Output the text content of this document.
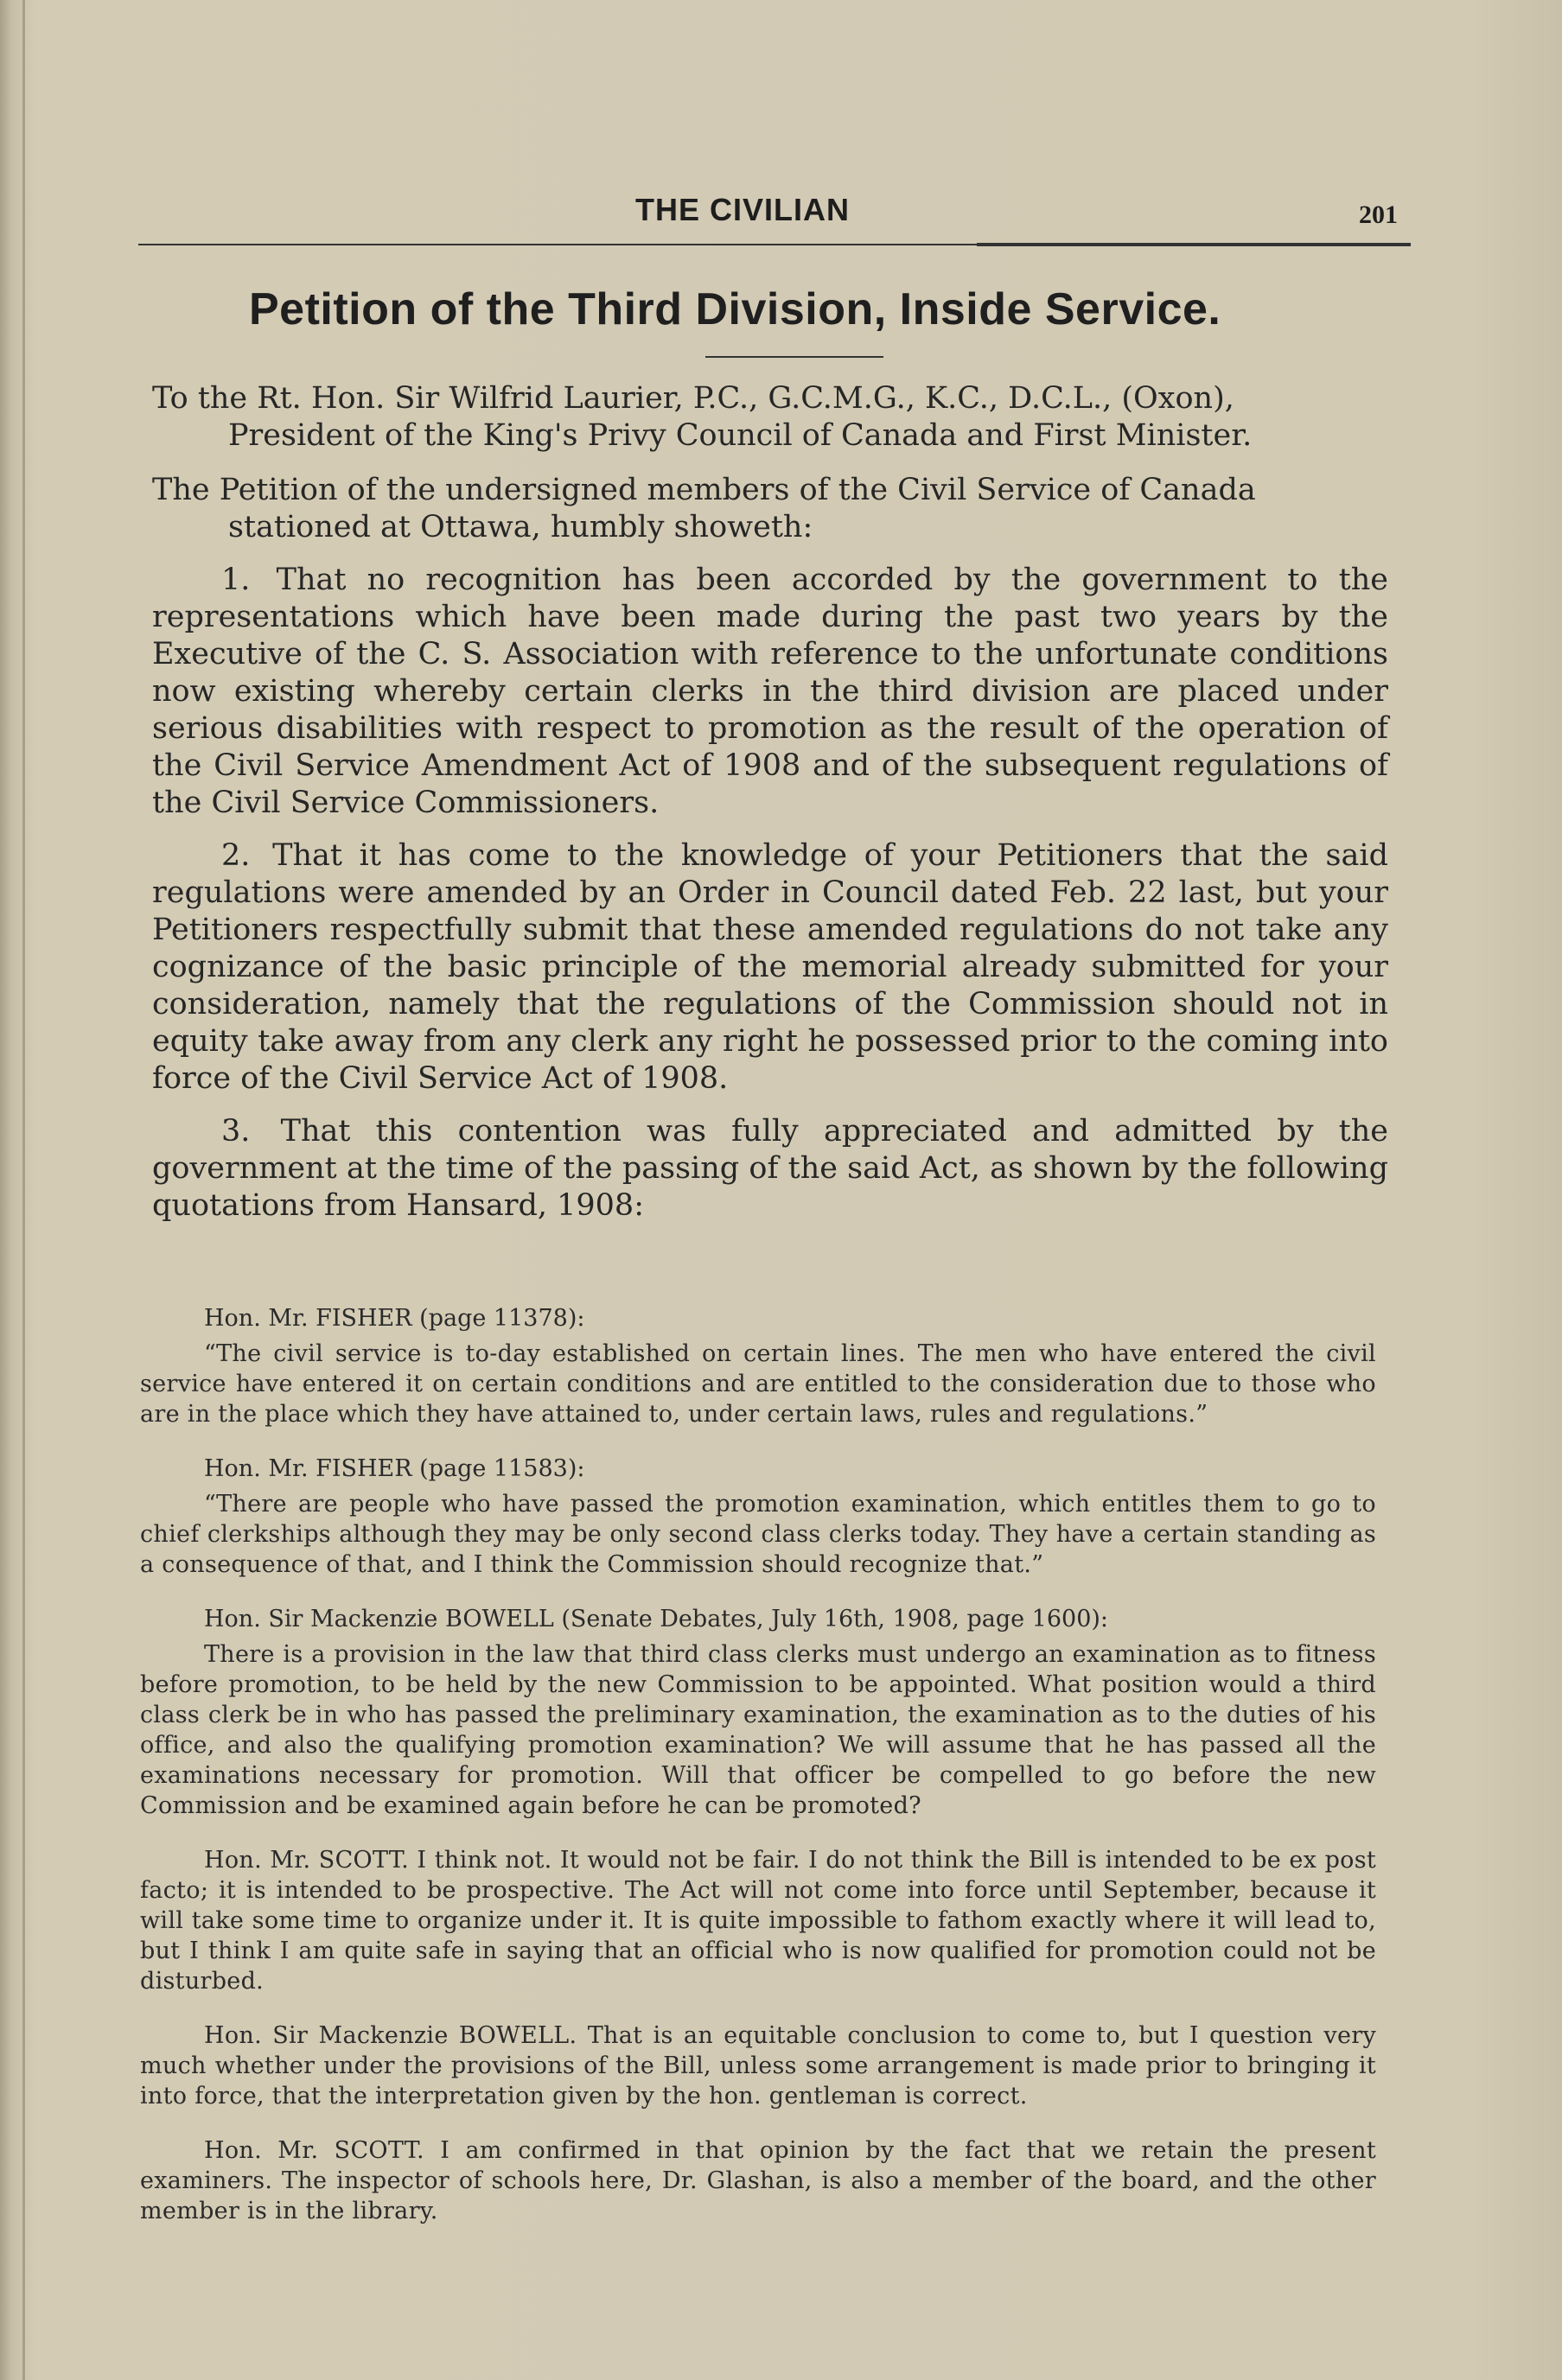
THE CIVILIAN	201
Petition of the Third Division, Inside Service.

To the Rt. Hon. Sir Wilfrid Laurier, P.C., G.C.M.G., K.C., D.C.L., (Oxon), President of the King's Privy Council of Canada and First Minister.

The Petition of the undersigned members of the Civil Service of Canada stationed at Ottawa, humbly showeth:

1. That no recognition has been accorded by the government to the representations which have been made during the past two years by the Executive of the C. S. Association with reference to the unfortunate conditions now existing whereby certain clerks in the third division are placed under serious disabilities with respect to promotion as the result of the operation of the Civil Service Amendment Act of 1908 and of the subsequent regulations of the Civil Service Commissioners.

2. That it has come to the knowledge of your Petitioners that the said regulations were amended by an Order in Council dated Feb. 22 last, but your Petitioners respectfully submit that these amended regulations do not take any cognizance of the basic principle of the memorial already submitted for your consideration, namely that the regulations of the Commission should not in equity take away from any clerk any right he possessed prior to the coming into force of the Civil Service Act of 1908.

3. That this contention was fully appreciated and admitted by the government at the time of the passing of the said Act, as shown by the following quotations from Hansard, 1908:

Hon. Mr. FISHER (page 11378):

“The civil service is to-day established on certain lines. The men who have entered the civil service have entered it on certain conditions and are entitled to the consideration due to those who are in the place which they have attained to, under certain laws, rules and regulations.”

Hon. Mr. FISHER (page 11583):

“There are people who have passed the promotion examination, which entitles them to go to chief clerkships although they may be only second class clerks today. They have a certain standing as a consequence of that, and I think the Commission should recognize that.”

Hon. Sir Mackenzie BOWELL (Senate Debates, July 16th, 1908, page 1600):

There is a provision in the law that third class clerks must undergo an examination as to fitness before promotion, to be held by the new Commission to be appointed. What position would a third class clerk be in who has passed the preliminary examination, the examination as to the duties of his office, and also the qualifying promotion examination? We will assume that he has passed all the examinations necessary for promotion. Will that officer be compelled to go before the new Commission and be examined again before he can be promoted?

Hon. Mr. SCOTT. I think not. It would not be fair. I do not think the Bill is intended to be ex post facto; it is intended to be prospective. The Act will not come into force until September, because it will take some time to organize under it. It is quite impossible to fathom exactly where it will lead to, but I think I am quite safe in saying that an official who is now qualified for promotion could not be disturbed.

Hon. Sir Mackenzie BOWELL. That is an equitable conclusion to come to, but I question very much whether under the provisions of the Bill, unless some arrangement is made prior to bringing it into force, that the interpretation given by the hon. gentleman is correct.

Hon. Mr. SCOTT. I am confirmed in that opinion by the fact that we retain the present examiners. The inspector of schools here, Dr. Glashan, is also a member of the board, and the other member is in the library.
